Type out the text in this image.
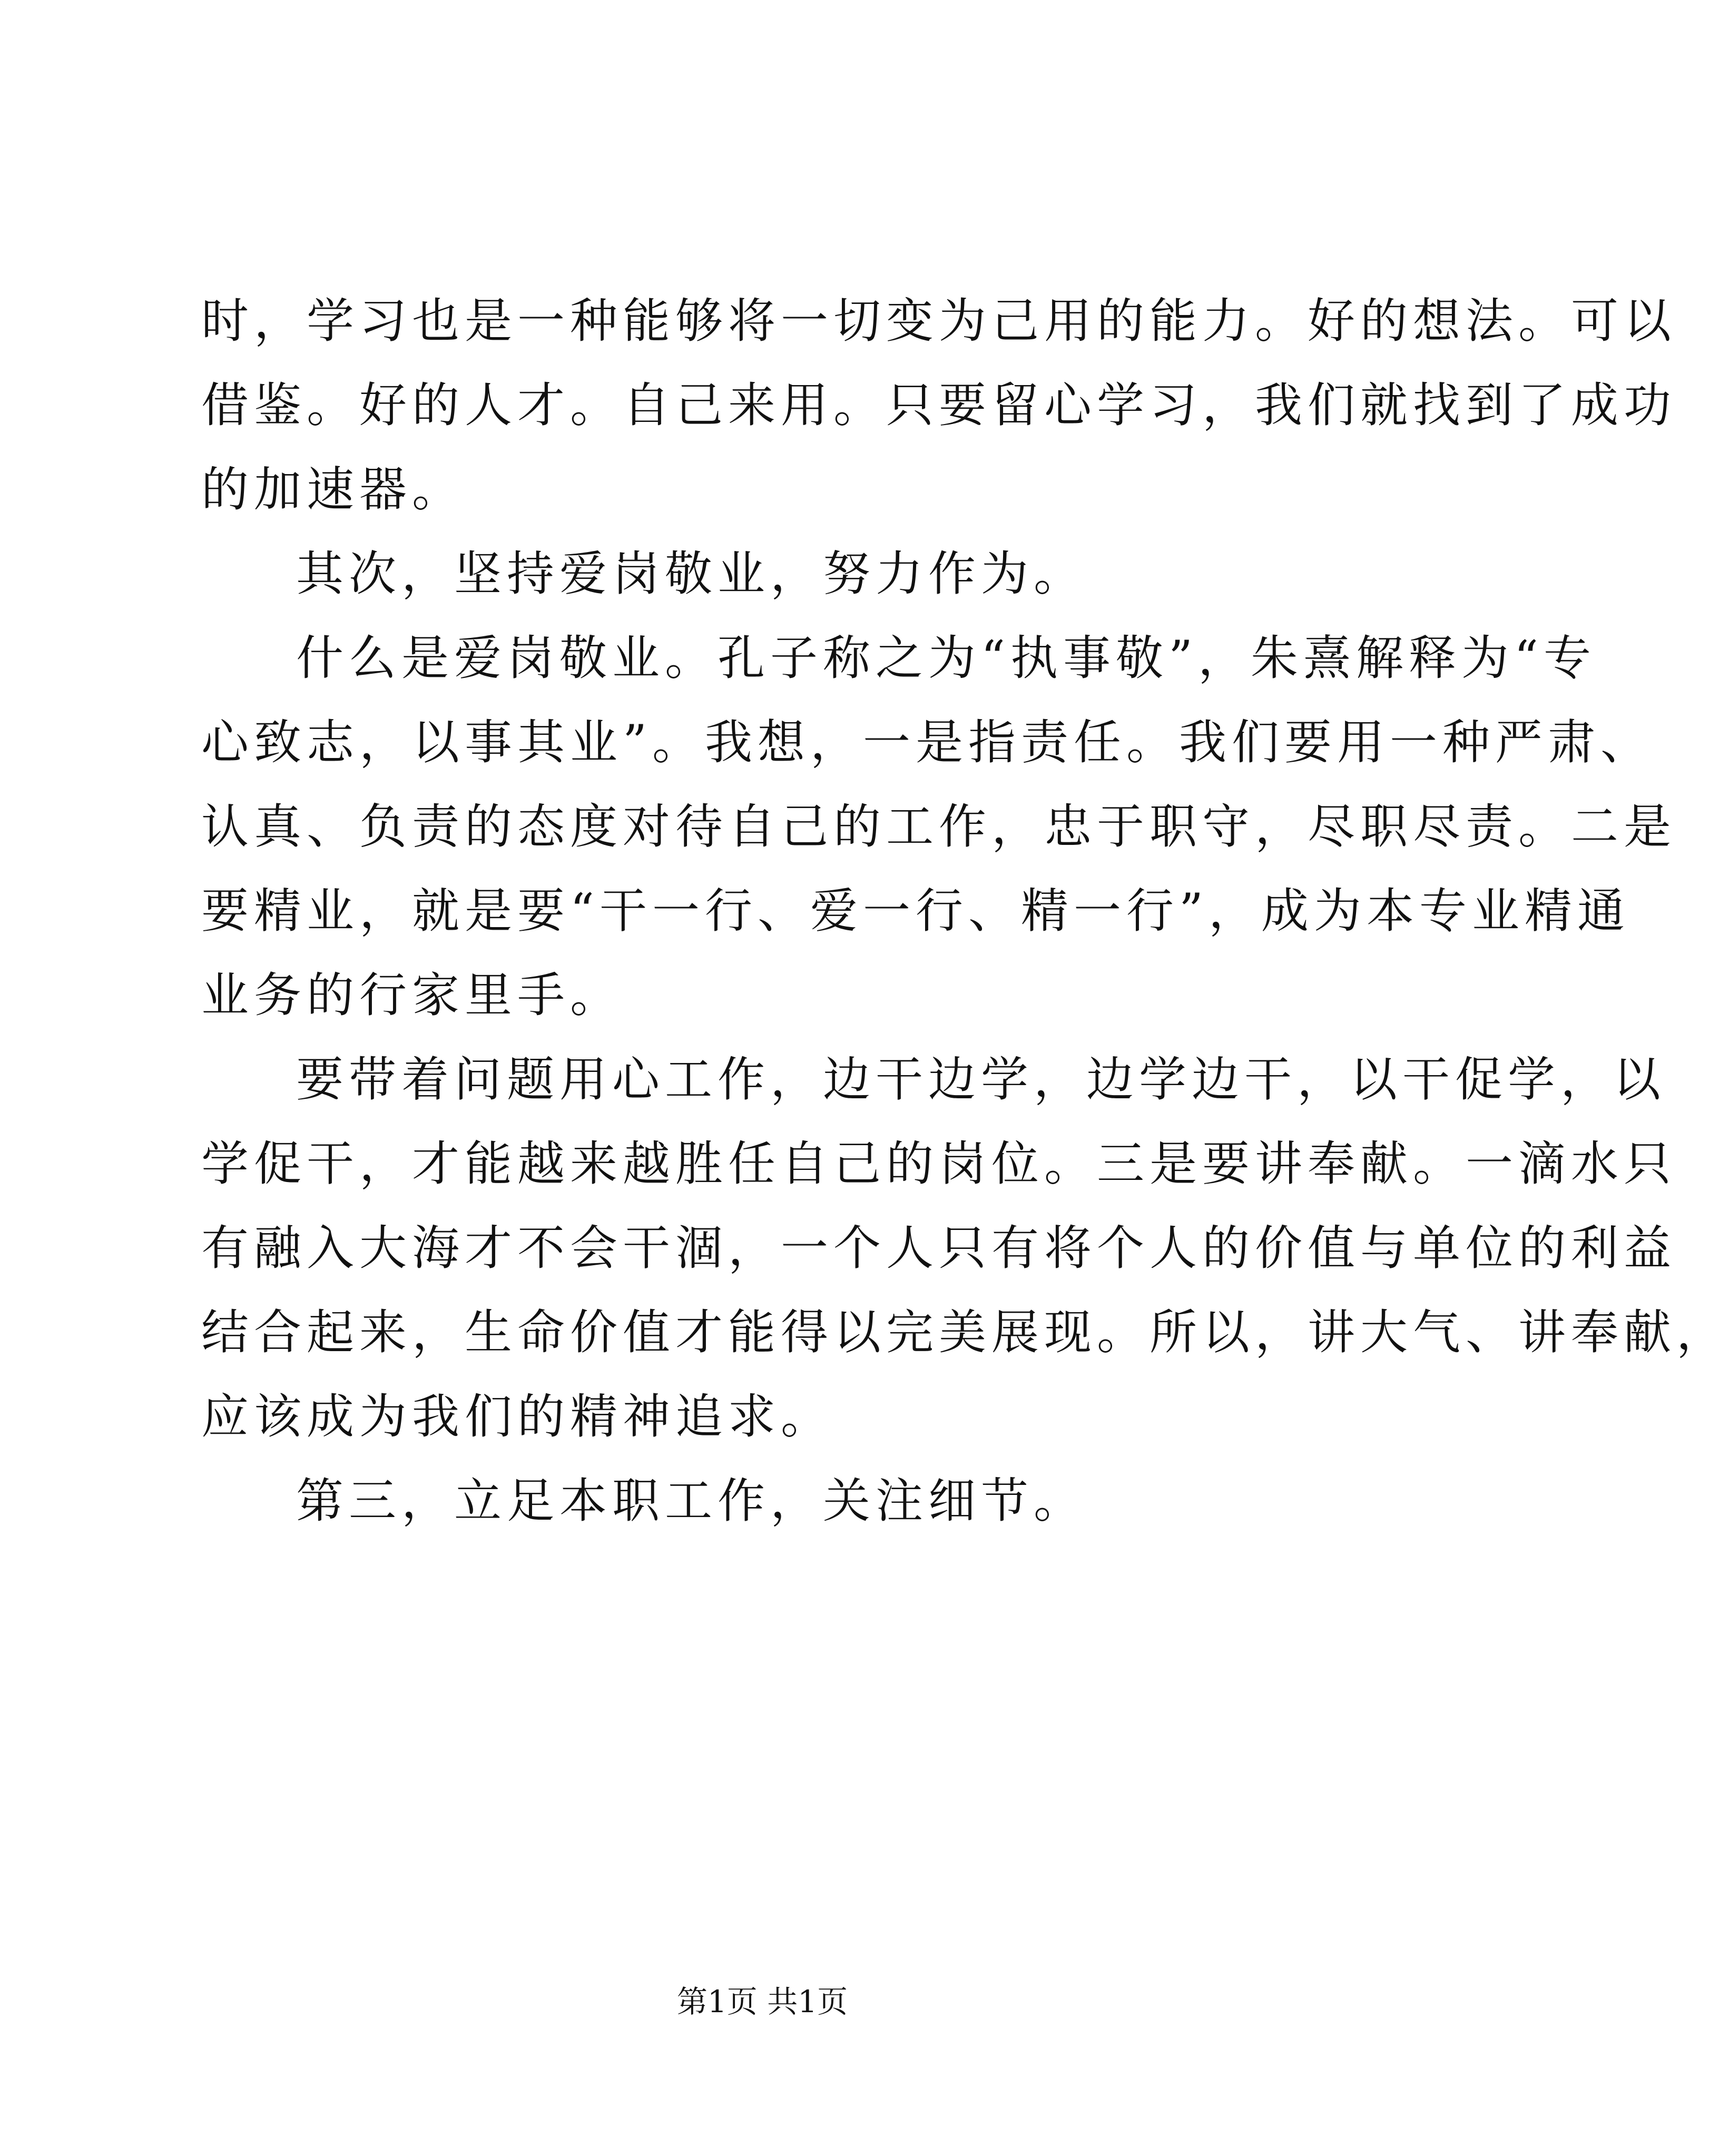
时，学习也是一种能够将一切变为己用的能力。好的想法。可以
借鉴。好的人才。自己来用。只要留心学习，我们就找到了成功
的加速器。
其次，坚持爱岗敬业，努力作为。
什么是爱岗敬业。孔子称之为“执事敬”，朱熹解释为“专
心致志，以事其业”。我想，一是指责任。我们要用一种严肃、
认真、负责的态度对待自己的工作，忠于职守，尽职尽责。二是
要精业，就是要“干一行、爱一行、精一行”，成为本专业精通
业务的行家里手。
要带着问题用心工作，边干边学，边学边干，以干促学，以
学促干，才能越来越胜任自己的岗位。三是要讲奉献。一滴水只
有融入大海才不会干涸，一个人只有将个人的价值与单位的利益
结合起来，生命价值才能得以完美展现。所以，讲大气、讲奉献，
应该成为我们的精神追求。
第三，立足本职工作，关注细节。
第1页 共1页
